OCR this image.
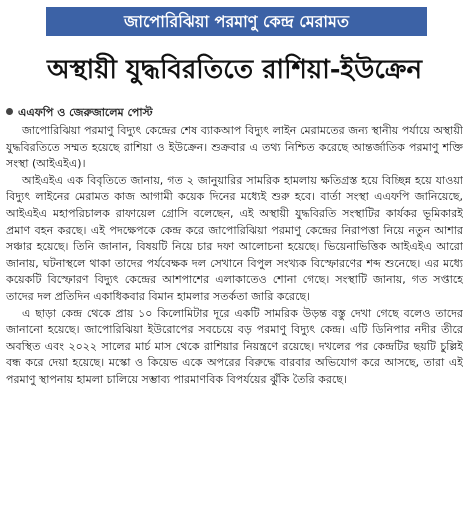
জাপোরিঝিয়া পরমাণু কেন্দ্র মেরামত
অস্থায়ী যুদ্ধবিরতিতে রাশিয়া-ইউক্রেন
এএফপি ও জেরুজালেম পোস্ট

জাপোরিঝিয়া পরমাণু বিদ্যুৎ কেন্দ্রের শেষ ব্যাকআপ বিদ্যুৎ লাইন মেরামতের জন্য স্থানীয় পর্যায়ে অস্থায়ী যুদ্ধবিরতিতে সম্মত হয়েছে রাশিয়া ও ইউক্রেন। শুক্রবার এ তথ্য নিশ্চিত করেছে আন্তর্জাতিক পরমাণু শক্তি সংস্থা (আইএইএ)।

আইএইএ এক বিবৃতিতে জানায়, গত ২ জানুয়ারির সামরিক হামলায় ক্ষতিগ্রস্ত হয়ে বিচ্ছিন্ন হয়ে যাওয়া বিদ্যুৎ লাইনের মেরামত কাজ আগামী কয়েক দিনের মধ্যেই শুরু হবে। বার্তা সংস্থা এএফপি জানিয়েছে, আইএইএ মহাপরিচালক রাফায়েল গ্রোসি বলেছেন, এই অস্থায়ী যুদ্ধবিরতি সংস্থাটির কার্যকর ভূমিকারই প্রমাণ বহন করছে। এই পদক্ষেপকে কেন্দ্র করে জাপোরিঝিয়া পরমাণু কেন্দ্রের নিরাপত্তা নিয়ে নতুন আশার সঞ্চার হয়েছে। তিনি জানান, বিষয়টি নিয়ে চার দফা আলোচনা হয়েছে। ভিয়েনাভিত্তিক আইএইএ আরো জানায়, ঘটনাস্থলে থাকা তাদের পর্যবেক্ষক দল সেখানে বিপুল সংখ্যক বিস্ফোরণের শব্দ শুনেছে। এর মধ্যে কয়েকটি বিস্ফোরণ বিদ্যুৎ কেন্দ্রের আশপাশের এলাকাতেও শোনা গেছে। সংস্থাটি জানায়, গত সপ্তাহে তাদের দল প্রতিদিন একাধিকবার বিমান হামলার সতর্কতা জারি করেছে।

এ ছাড়া কেন্দ্র থেকে প্রায় ১০ কিলোমিটার দূরে একটি সামরিক উড়ন্ত বস্তু দেখা গেছে বলেও তাদের জানানো হয়েছে। জাপোরিঝিয়া ইউরোপের সবচেয়ে বড় পরমাণু বিদ্যুৎ কেন্দ্র। এটি ডিনিপার নদীর তীরে অবস্থিত এবং ২০২২ সালের মার্চ মাস থেকে রাশিয়ার নিয়ন্ত্রণে রয়েছে। দখলের পর কেন্দ্রটির ছয়টি চুল্লিই বন্ধ করে দেয়া হয়েছে। মস্কো ও কিয়েভ একে অপরের বিরুদ্ধে বারবার অভিযোগ করে আসছে, তারা এই পরমাণু স্থাপনায় হামলা চালিয়ে সম্ভাব্য পারমাণবিক বিপর্যয়ের ঝুঁকি তৈরি করছে।
